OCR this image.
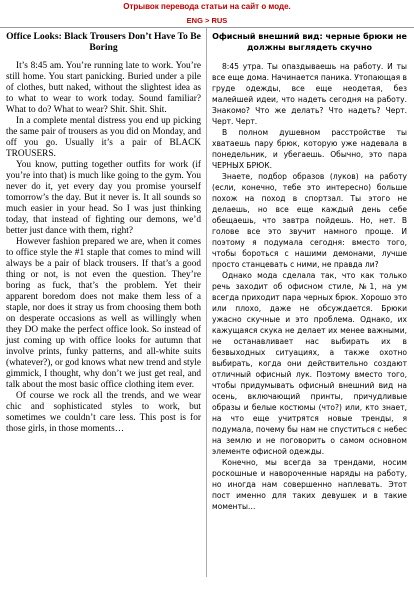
Отрывок перевода статьи на сайт о моде.
ENG > RUS
Office Looks: Black Trousers Don’t Have To Be Boring

It’s 8:45 am. You’re running late to work. You’re still home. You start panicking. Buried under a pile of clothes, butt naked, without the slightest idea as to what to wear to work today. Sound familiar? What to do? What to wear? Shit. Shit. Shit.

In a complete mental distress you end up picking the same pair of trousers as you did on Monday, and off you go. Usually it’s a pair of BLACK TROUSERS.

You know, putting together outfits for work (if you’re into that) is much like going to the gym. You never do it, yet every day you promise yourself tomorrow’s the day. But it never is. It all sounds so much easier in your head. So I was just thinking today, that instead of fighting our demons, we’d better just dance with them, right?

However fashion prepared we are, when it comes to office style the #1 staple that comes to mind will always be a pair of black trousers. If that’s a good thing or not, is not even the question. They’re boring as fuck, that’s the problem. Yet their apparent boredom does not make them less of a staple, nor does it stray us from choosing them both on desperate occasions as well as willingly when they DO make the perfect office look. So instead of just coming up with office looks for autumn that involve prints, funky patterns, and all-white suits (whatever?), or god knows what new trend and style gimmick, I thought, why don’t we just get real, and talk about the most basic office clothing item ever.

Of course we rock all the trends, and we wear chic and sophisticated styles to work, but sometimes we couldn’t care less. This post is for those girls, in those moments…

Офисный внешний вид: черные брюки не должны выглядеть скучно

8:45 утра. Ты опаздываешь на работу. И ты все еще дома. Начинается паника. Утопающая в груде одежды, все еще неодетая, без малейшей идеи, что надеть сегодня на работу. Знакомо? Что же делать? Что надеть? Черт. Черт. Черт.

В полном душевном расстройстве ты хватаешь пару брюк, которую уже надевала в понедельник, и убегаешь. Обычно, это пара ЧЕРНЫХ БРЮК.

Знаете, подбор образов (луков) на работу (если, конечно, тебе это интересно) больше похож на поход в спортзал. Ты этого не делаешь, но все еще каждый день себе обещаешь, что завтра пойдешь. Но, нет. В голове все это звучит намного проще. И поэтому я подумала сегодня: вместо того, чтобы бороться с нашими демонами, лучше просто станцевать с ними, не правда ли?

Однако мода сделала так, что как только речь заходит об офисном стиле, №1, на ум всегда приходит пара черных брюк. Хорошо это или плохо, даже не обсуждается. Брюки ужасно скучные и это проблема. Однако, их кажущаяся скука не делает их менее важными, не останавливает нас выбирать их в безвыходных ситуациях, а также охотно выбирать, когда они действительно создают отличный офисный лук. Поэтому вместо того, чтобы придумывать офисный внешний вид на осень, включающий принты, причудливые образы и белые костюмы (что?) или, кто знает, на что еще учитрятся новые тренды, я подумала, почему бы нам не спуститься с небес на землю и не поговорить о самом основном элементе офисной одежды.

Конечно, мы всегда за трендами, носим роскошные и навороченные наряды на работу, но иногда нам совершенно наплевать. Этот пост именно для таких девушек и в такие моменты…
